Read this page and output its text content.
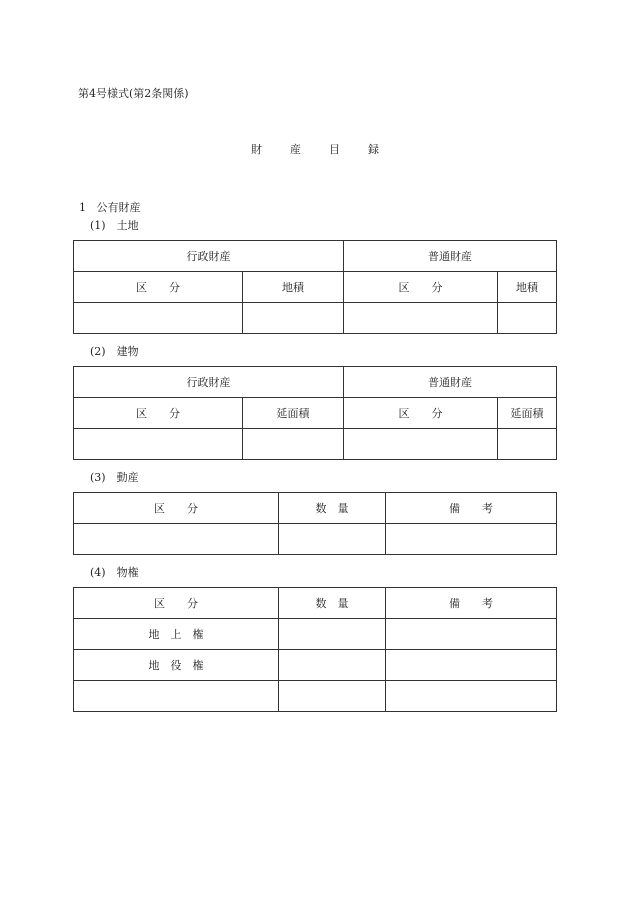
第4号様式(第2条関係)
財	産	目	録
1 公有財産
(1)　土地
行政財産		普通財産	
区　　分	地積	区　　分	地積

(2)　建物
行政財産		普通財産	
区　　分	延面積	区　　分	延面積

(3)　動産
区　　分	数　量	備　　考

(4)　物権
区　　分	数　量	備　　考
地　上　権		
地　役　権		
